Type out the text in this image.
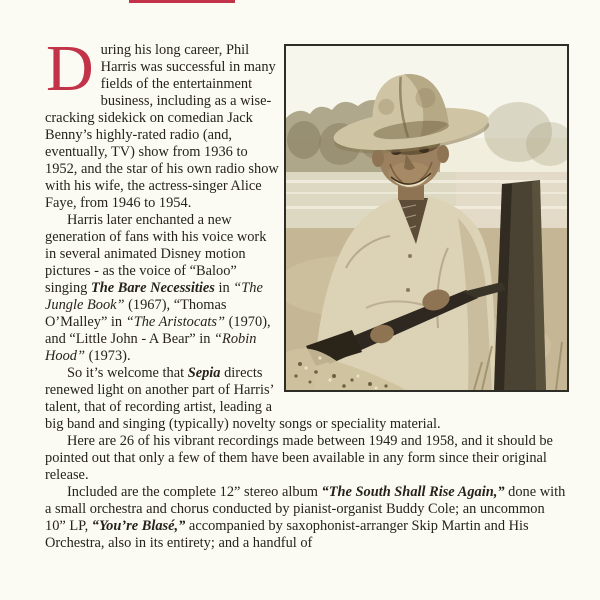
During his long career, Phil Harris was successful in many fields of the entertainment business, including as a wise-cracking sidekick on comedian Jack Benny’s highly-rated radio (and, eventually, TV) show from 1936 to 1952, and the star of his own radio show with his wife, the actress-singer Alice Faye, from 1946 to 1954.

Harris later enchanted a new generation of fans with his voice work in several animated Disney motion pictures - as the voice of “Baloo” singing The Bare Necessities in “The Jungle Book” (1967), “Thomas O’Malley” in “The Aristocats” (1970), and “Little John - A Bear” in “Robin Hood” (1973).

So it’s welcome that Sepia directs renewed light on another part of Harris’ talent, that of recording artist, leading a big band and singing (typically) novelty songs or speciality material.

Here are 26 of his vibrant recordings made between 1949 and 1958, and it should be pointed out that only a few of them have been available in any form since their original release.

Included are the complete 12” stereo album “The South Shall Rise Again,” done with a small orchestra and chorus conducted by pianist-organist Buddy Cole; an uncommon 10” LP, “You’re Blasé,” accompanied by saxophonist-arranger Skip Martin and His Orchestra, also in its entirety; and a handful of
